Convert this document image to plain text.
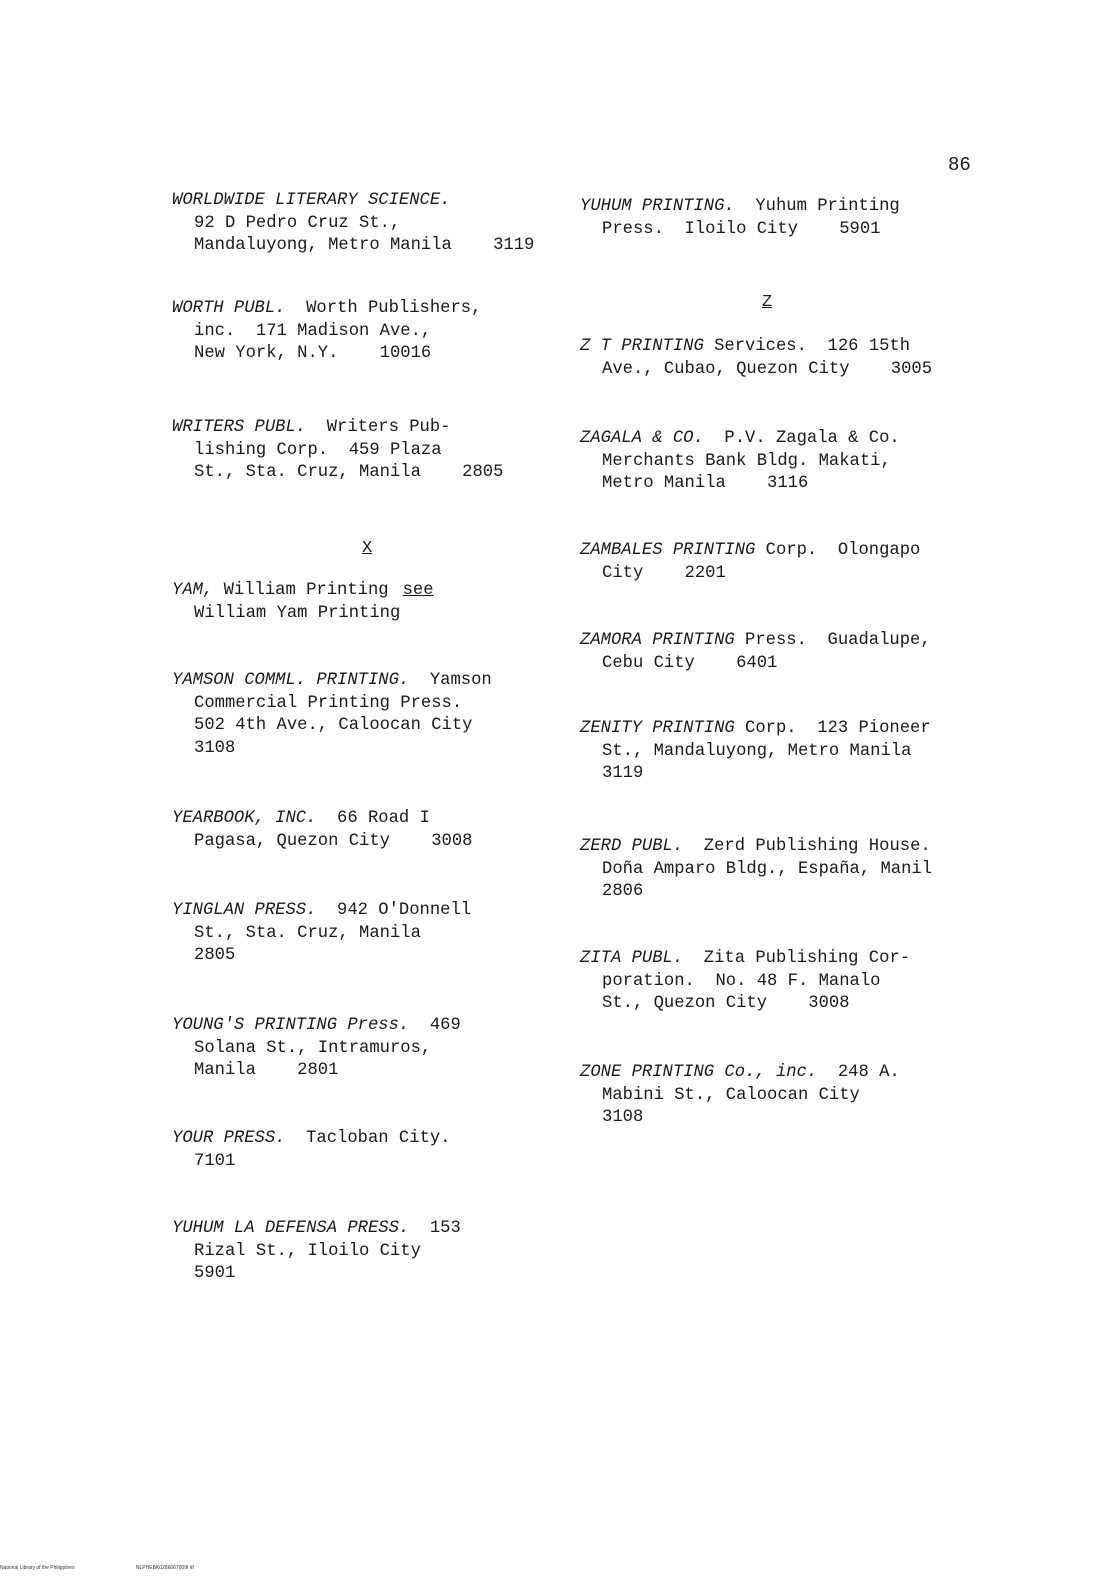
86
WORLDWIDE LITERARY SCIENCE.
92 D Pedro Cruz St.,
Mandaluyong, Metro Manila    3119
WORTH PUBL.  Worth Publishers,
inc.  171 Madison Ave.,
New York, N.Y.    10016
WRITERS PUBL.  Writers Pub-
lishing Corp.  459 Plaza
St., Sta. Cruz, Manila    2805
X
YAM, William Printing see
William Yam Printing
YAMSON COMML. PRINTING.  Yamson
Commercial Printing Press.
502 4th Ave., Caloocan City
3108
YEARBOOK, INC.  66 Road I
Pagasa, Quezon City    3008
YINGLAN PRESS.  942 O'Donnell
St., Sta. Cruz, Manila
2805
YOUNG'S PRINTING Press.  469
Solana St., Intramuros,
Manila    2801
YOUR PRESS.  Tacloban City.
7101
YUHUM LA DEFENSA PRESS.  153
Rizal St., Iloilo City
5901
YUHUM PRINTING.  Yuhum Printing
Press.  Iloilo City    5901
Z
Z T PRINTING Services.  126 15th
Ave., Cubao, Quezon City    3005
ZAGALA & CO.  P.V. Zagala & Co.
Merchants Bank Bldg. Makati,
Metro Manila    3116
ZAMBALES PRINTING Corp.  Olongapo
City    2201
ZAMORA PRINTING Press.  Guadalupe,
Cebu City    6401
ZENITY PRINTING Corp.  123 Pioneer
St., Mandaluyong, Metro Manila
3119
ZERD PUBL.  Zerd Publishing House.
Doña Amparo Bldg., España, Manil
2806
ZITA PUBL.  Zita Publishing Cor-
poration.  No. 48 F. Manalo
St., Quezon City    3008
ZONE PRINTING Co., inc.  248 A.
Mabini St., Caloocan City
3108
National Library of the Philippines	NLPHEBK0286067009I tif
